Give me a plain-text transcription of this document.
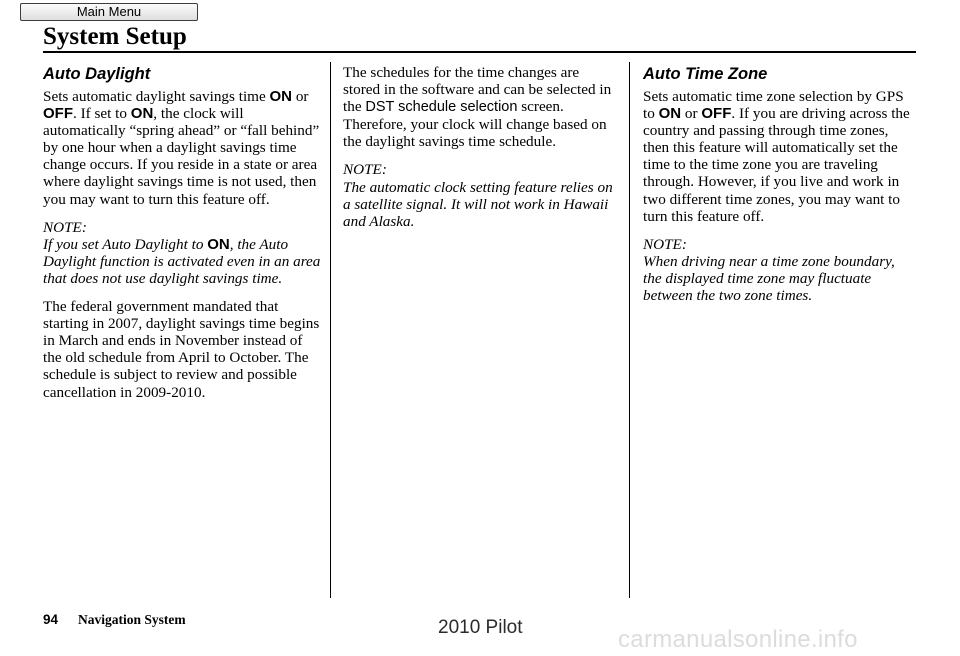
Main Menu
System Setup
Auto Daylight

Sets automatic daylight savings time ON or OFF. If set to ON, the clock will automatically “spring ahead” or “fall behind” by one hour when a daylight savings time change occurs. If you reside in a state or area where daylight savings time is not used, then you may want to turn this feature off.

NOTE:

If you set Auto Daylight to ON, the Auto Daylight function is activated even in an area that does not use daylight savings time.

The federal government mandated that starting in 2007, daylight savings time begins in March and ends in November instead of the old schedule from April to October. The schedule is subject to review and possible cancellation in 2009-2010.

The schedules for the time changes are stored in the software and can be selected in the DST schedule selection screen. Therefore, your clock will change based on the daylight savings time schedule.

NOTE:

The automatic clock setting feature relies on a satellite signal. It will not work in Hawaii and Alaska.

Auto Time Zone

Sets automatic time zone selection by GPS to ON or OFF. If you are driving across the country and passing through time zones, then this feature will automatically set the time to the time zone you are traveling through. However, if you live and work in two different time zones, you may want to turn this feature off.

NOTE:

When driving near a time zone boundary, the displayed time zone may fluctuate between the two zone times.

94 Navigation System	2010 Pilot	carmanualsonline.info
